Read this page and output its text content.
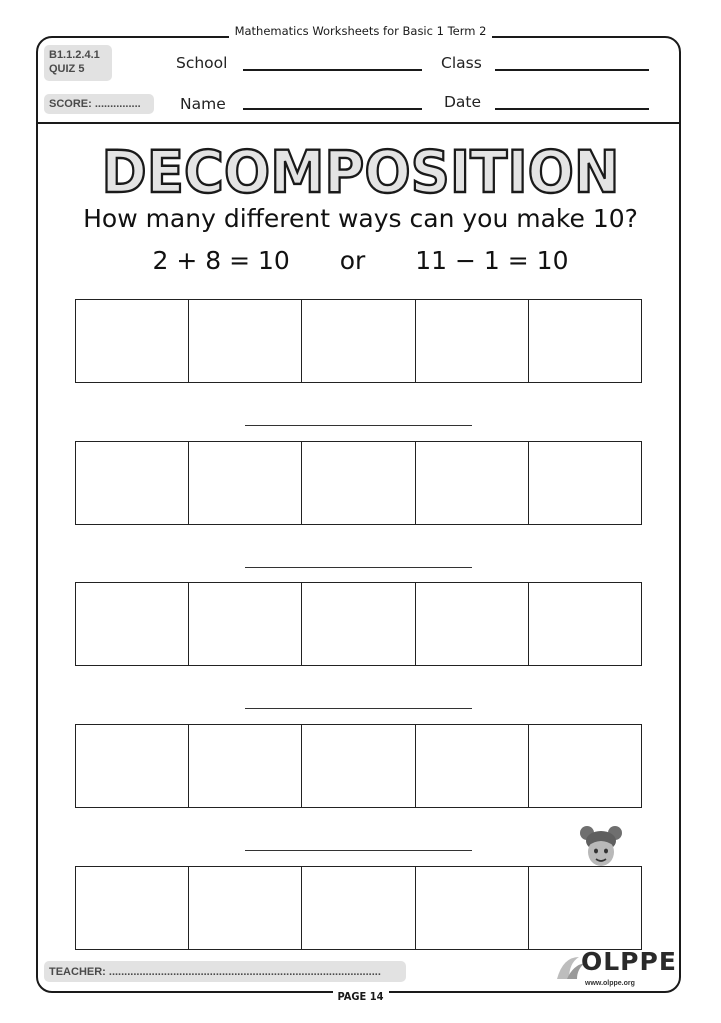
Mathematics Worksheets for Basic 1 Term 2
B1.1.2.4.1
QUIZ 5
SCORE: ...............
School	Class
Name	Date
DECOMPOSITION
How many different ways can you make 10?
2 + 8 = 10 or 11 − 1 = 10
TEACHER: .........................................................................................	OLPPE
www.olppe.org
PAGE 14
